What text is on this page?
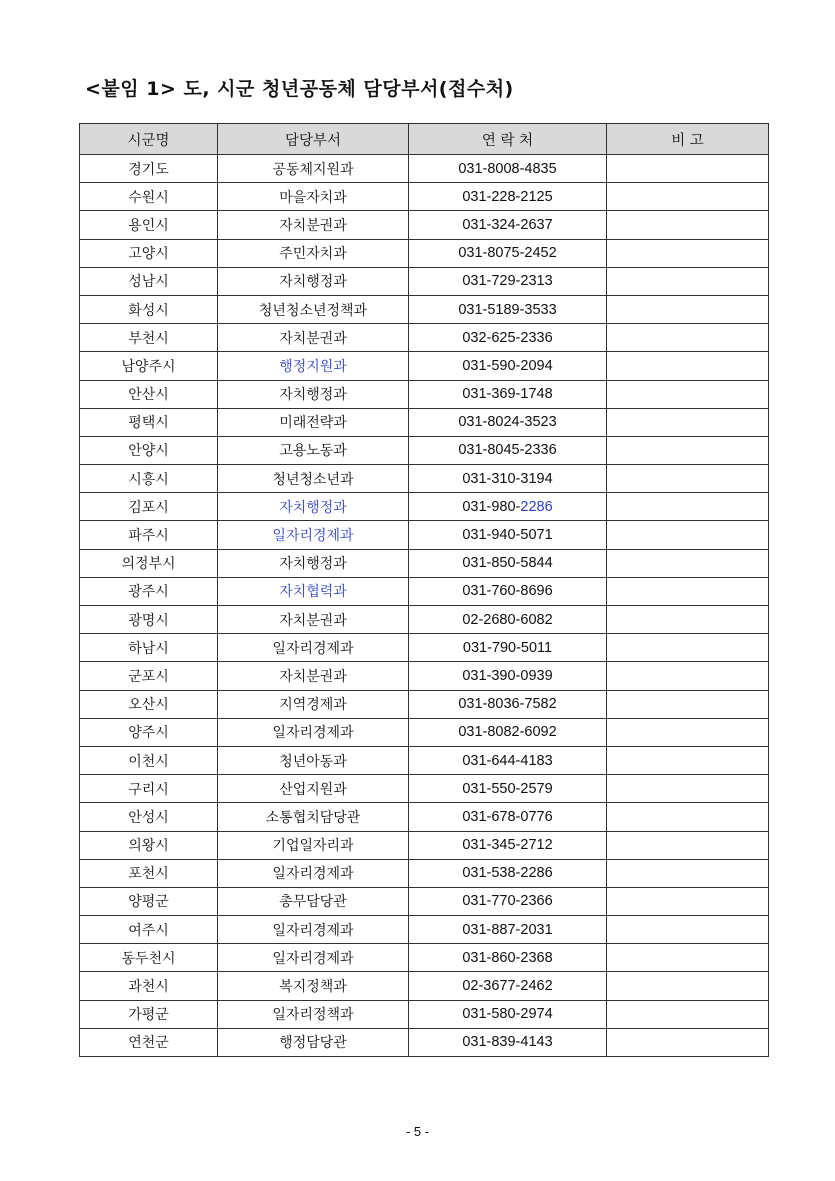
<붙임 1> 도, 시군 청년공동체 담당부서(접수처)
시군명	담당부서	연 락 처	비 고
경기도	공동체지원과	031-8008-4835	
수원시	마을자치과	031-228-2125	
용인시	자치분권과	031-324-2637	
고양시	주민자치과	031-8075-2452	
성남시	자치행정과	031-729-2313	
화성시	청년청소년정책과	031-5189-3533	
부천시	자치분권과	032-625-2336	
남양주시	행정지원과	031-590-2094	
안산시	자치행정과	031-369-1748	
평택시	미래전략과	031-8024-3523	
안양시	고용노동과	031-8045-2336	
시흥시	청년청소년과	031-310-3194	
김포시	자치행정과	031-980-2286	
파주시	일자리경제과	031-940-5071	
의정부시	자치행정과	031-850-5844	
광주시	자치협력과	031-760-8696	
광명시	자치분권과	02-2680-6082	
하남시	일자리경제과	031-790-5011	
군포시	자치분권과	031-390-0939	
오산시	지역경제과	031-8036-7582	
양주시	일자리경제과	031-8082-6092	
이천시	청년아동과	031-644-4183	
구리시	산업지원과	031-550-2579	
안성시	소통협치담당관	031-678-0776	
의왕시	기업일자리과	031-345-2712	
포천시	일자리경제과	031-538-2286	
양평군	총무담당관	031-770-2366	
여주시	일자리경제과	031-887-2031	
동두천시	일자리경제과	031-860-2368	
과천시	복지정책과	02-3677-2462	
가평군	일자리정책과	031-580-2974	
연천군	행정담당관	031-839-4143	
- 5 -
